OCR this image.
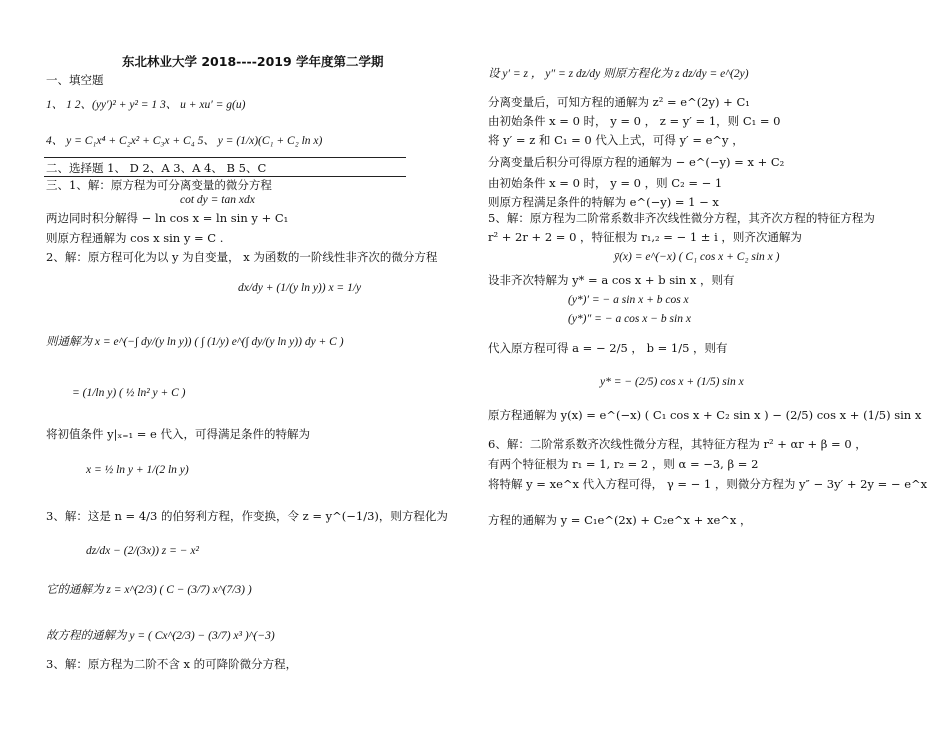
东北林业大学 2018----2019 学年度第二学期
一、填空题
1、 1 2、(yy′)² + y² = 1 3、 u + xu′ = g(u)
4、 y = C₁x⁴ + C₂x² + C₃x + C₄ 5、 y = (1/x)(C₁ + C₂ ln x)
二、选择题 1、 D 2、A 3、A 4、 B 5、C
三、1、解：原方程为可分离变量的微分方程
cot dy = tan xdx
两边同时积分解得 − ln cos x = ln sin y + C₁
则原方程通解为 cos x sin y = C .
2、解：原方程可化为以 y 为自变量， x 为函数的一阶线性非齐次的微分方程
dx/dy + (1/(y ln y)) x = 1/y
则通解为 x = e^(−∫ dy/(y ln y)) ( ∫ (1/y) e^(∫ dy/(y ln y)) dy + C )
= (1/ln y) ( ½ ln² y + C )
将初值条件 y|ₓ₌₁ = e 代入，可得满足条件的特解为
x = ½ ln y + 1/(2 ln y)
3、解：这是 n = 4/3 的伯努利方程，作变换，令 z = y^(−1/3)，则方程化为
dz/dx − (2/(3x)) z = − x²
它的通解为 z = x^(2/3) ( C − (3/7) x^(7/3) )
故方程的通解为 y = ( Cx^(2/3) − (3/7) x³ )^(−3)
3、解：原方程为二阶不含 x 的可降阶微分方程，
设 y′ = z ， y″ = z dz/dy 则原方程化为 z dz/dy = e^(2y)
分离变量后，可知方程的通解为 z² = e^(2y) + C₁
由初始条件 x = 0 时， y = 0 ， z = y′ = 1，则 C₁ = 0
将 y′ = z 和 C₁ = 0 代入上式，可得 y′ = e^y ，
分离变量后积分可得原方程的通解为 − e^(−y) = x + C₂
由初始条件 x = 0 时， y = 0 ，则 C₂ = − 1
则原方程满足条件的特解为 e^(−y) = 1 − x
5、解：原方程为二阶常系数非齐次线性微分方程，其齐次方程的特征方程为
r² + 2r + 2 = 0 ，特征根为 r₁,₂ = − 1 ± i ，则齐次通解为
ȳ(x) = e^(−x) ( C₁ cos x + C₂ sin x )
设非齐次特解为 y* = a cos x + b sin x ，则有
(y*)′ = − a sin x + b cos x
(y*)″ = − a cos x − b sin x
代入原方程可得 a = − 2/5 ， b = 1/5 ，则有
y* = − (2/5) cos x + (1/5) sin x
原方程通解为 y(x) = e^(−x) ( C₁ cos x + C₂ sin x ) − (2/5) cos x + (1/5) sin x
6、解：二阶常系数齐次线性微分方程，其特征方程为 r² + αr + β = 0 ，
有两个特征根为 r₁ = 1, r₂ = 2 ，则 α = −3, β = 2
将特解 y = xe^x 代入方程可得， γ = − 1 ，则微分方程为 y″ − 3y′ + 2y = − e^x
方程的通解为 y = C₁e^(2x) + C₂e^x + xe^x ，
